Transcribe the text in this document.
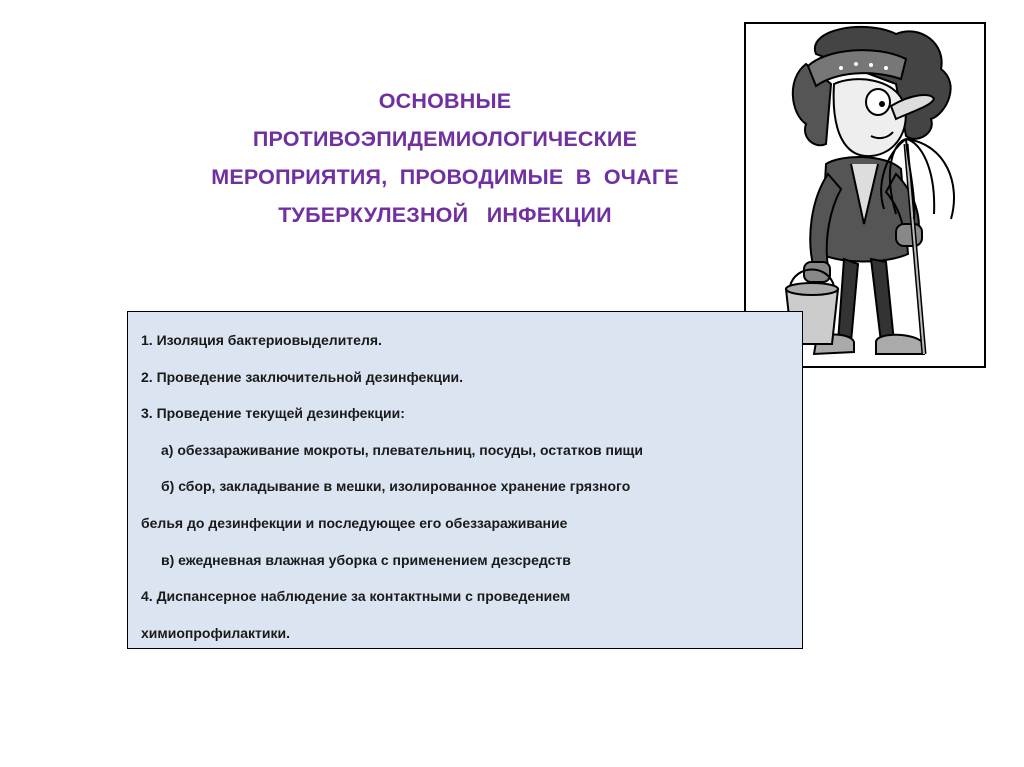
ОСНОВНЫЕ
ПРОТИВОЭПИДЕМИОЛОГИЧЕСКИЕ
МЕРОПРИЯТИЯ,  ПРОВОДИМЫЕ  В  ОЧАГЕ
ТУБЕРКУЛЕЗНОЙ   ИНФЕКЦИИ
1. Изоляция бактериовыделителя.
2. Проведение заключительной дезинфекции.
3. Проведение текущей дезинфекции:
а) обеззараживание мокроты, плевательниц, посуды, остатков пищи
б) сбор, закладывание в мешки, изолированное хранение грязного
белья до дезинфекции и последующее его обеззараживание
в) ежедневная влажная уборка с применением дезсредств
4. Диспансерное наблюдение за контактными с проведением
химиопрофилактики.
